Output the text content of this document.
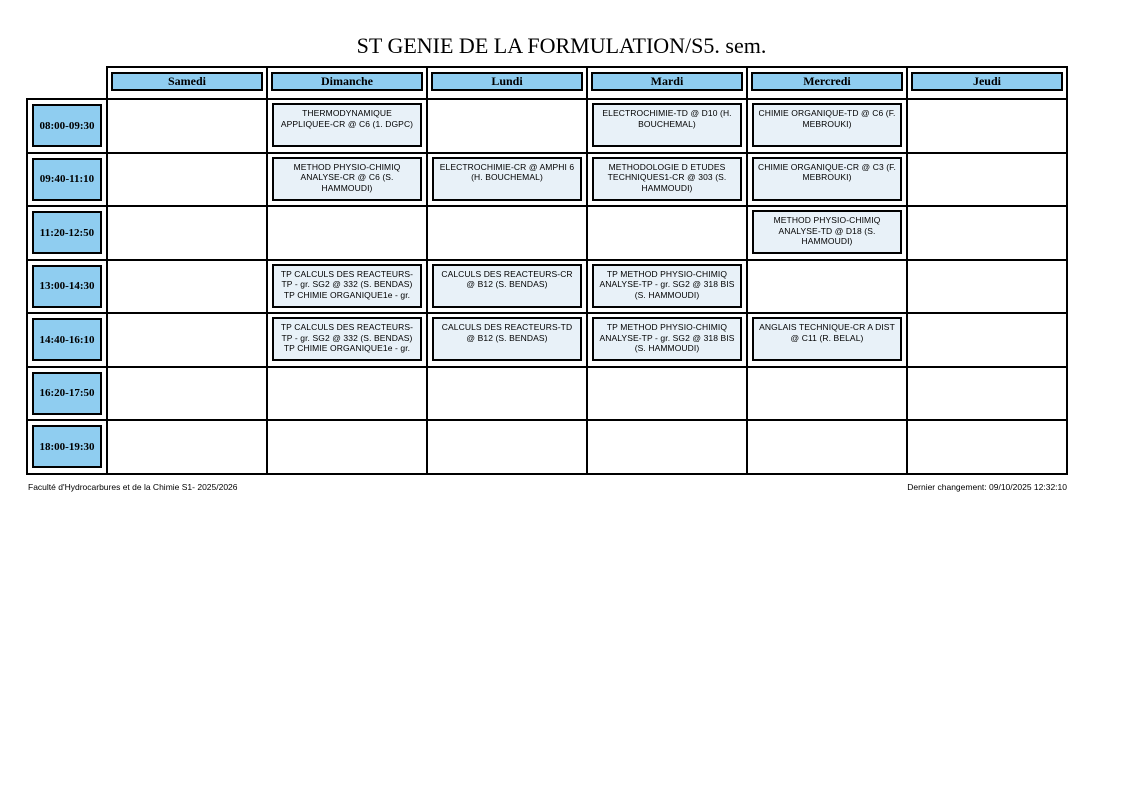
ST GENIE DE LA FORMULATION/S5. sem.

Samedi	Dimanche	Lundi	Mardi	Mercredi	Jeudi

08:00-09:30		THERMODYNAMIQUE APPLIQUEE-CR @ C6 (1. DGPC)		ELECTROCHIMIE-TD @ D10 (H. BOUCHEMAL)	CHIMIE ORGANIQUE-TD @ C6 (F. MEBROUKI)	

09:40-11:10		METHOD PHYSIO-CHIMIQ ANALYSE-CR @ C6 (S. HAMMOUDI)	ELECTROCHIMIE-CR @ AMPHI 6 (H. BOUCHEMAL)	METHODOLOGIE D ETUDES TECHNIQUES1-CR @ 303 (S. HAMMOUDI)	CHIMIE ORGANIQUE-CR @ C3 (F. MEBROUKI)	

11:20-12:50					METHOD PHYSIO-CHIMIQ ANALYSE-TD @ D18 (S. HAMMOUDI)	

13:00-14:30		TP CALCULS DES REACTEURS-TP - gr. SG2 @ 332 (S. BENDAS) TP CHIMIE ORGANIQUE1e - gr.	CALCULS DES REACTEURS-CR @ B12 (S. BENDAS)	TP METHOD PHYSIO-CHIMIQ ANALYSE-TP - gr. SG2 @ 318 BIS (S. HAMMOUDI)		

14:40-16:10		TP CALCULS DES REACTEURS-TP - gr. SG2 @ 332 (S. BENDAS) TP CHIMIE ORGANIQUE1e - gr.	CALCULS DES REACTEURS-TD @ B12 (S. BENDAS)	TP METHOD PHYSIO-CHIMIQ ANALYSE-TP - gr. SG2 @ 318 BIS (S. HAMMOUDI)	ANGLAIS TECHNIQUE-CR A DIST @ C11 (R. BELAL)	

16:20-17:50						

18:00-19:30						

Faculté d'Hydrocarbures et de la Chimie S1- 2025/2026	Dernier changement: 09/10/2025 12:32:10
